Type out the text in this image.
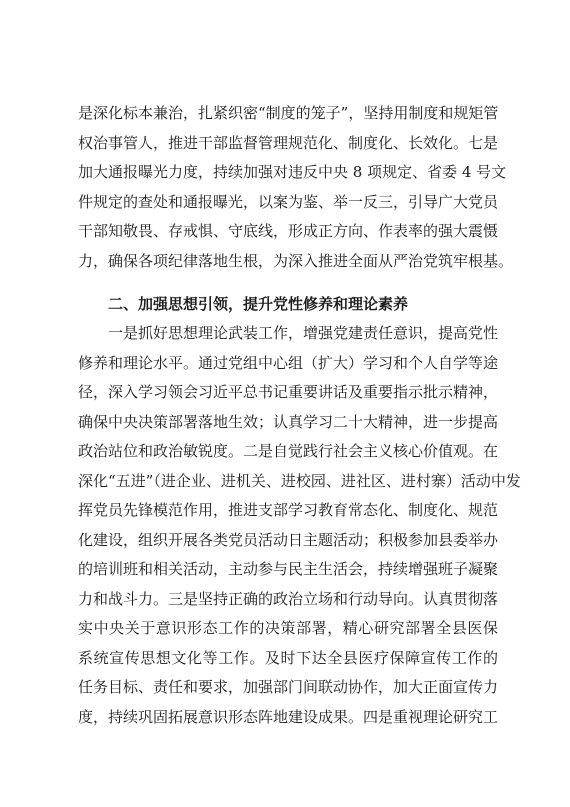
是深化标本兼治，扎紧织密“制度的笼子”，坚持用制度和规矩管
权治事管人，推进干部监督管理规范化、制度化、长效化。七是
加大通报曝光力度，持续加强对违反中央 8 项规定、省委 4 号文
件规定的查处和通报曝光，以案为鉴、举一反三，引导广大党员
干部知敬畏、存戒惧、守底线，形成正方向、作表率的强大震慑
力，确保各项纪律落地生根，为深入推进全面从严治党筑牢根基。
二、加强思想引领，提升党性修养和理论素养
一是抓好思想理论武装工作，增强党建责任意识，提高党性
修养和理论水平。通过党组中心组（扩大）学习和个人自学等途
径，深入学习领会习近平总书记重要讲话及重要指示批示精神，
确保中央决策部署落地生效；认真学习二十大精神，进一步提高
政治站位和政治敏锐度。二是自觉践行社会主义核心价值观。在
深化“五进”（进企业、进机关、进校园、进社区、进村寨）活动中发
挥党员先锋模范作用，推进支部学习教育常态化、制度化、规范
化建设，组织开展各类党员活动日主题活动；积极参加县委举办
的培训班和相关活动，主动参与民主生活会，持续增强班子凝聚
力和战斗力。三是坚持正确的政治立场和行动导向。认真贯彻落
实中央关于意识形态工作的决策部署，精心研究部署全县医保
系统宣传思想文化等工作。及时下达全县医疗保障宣传工作的
任务目标、责任和要求，加强部门间联动协作，加大正面宣传力
度，持续巩固拓展意识形态阵地建设成果。四是重视理论研究工
